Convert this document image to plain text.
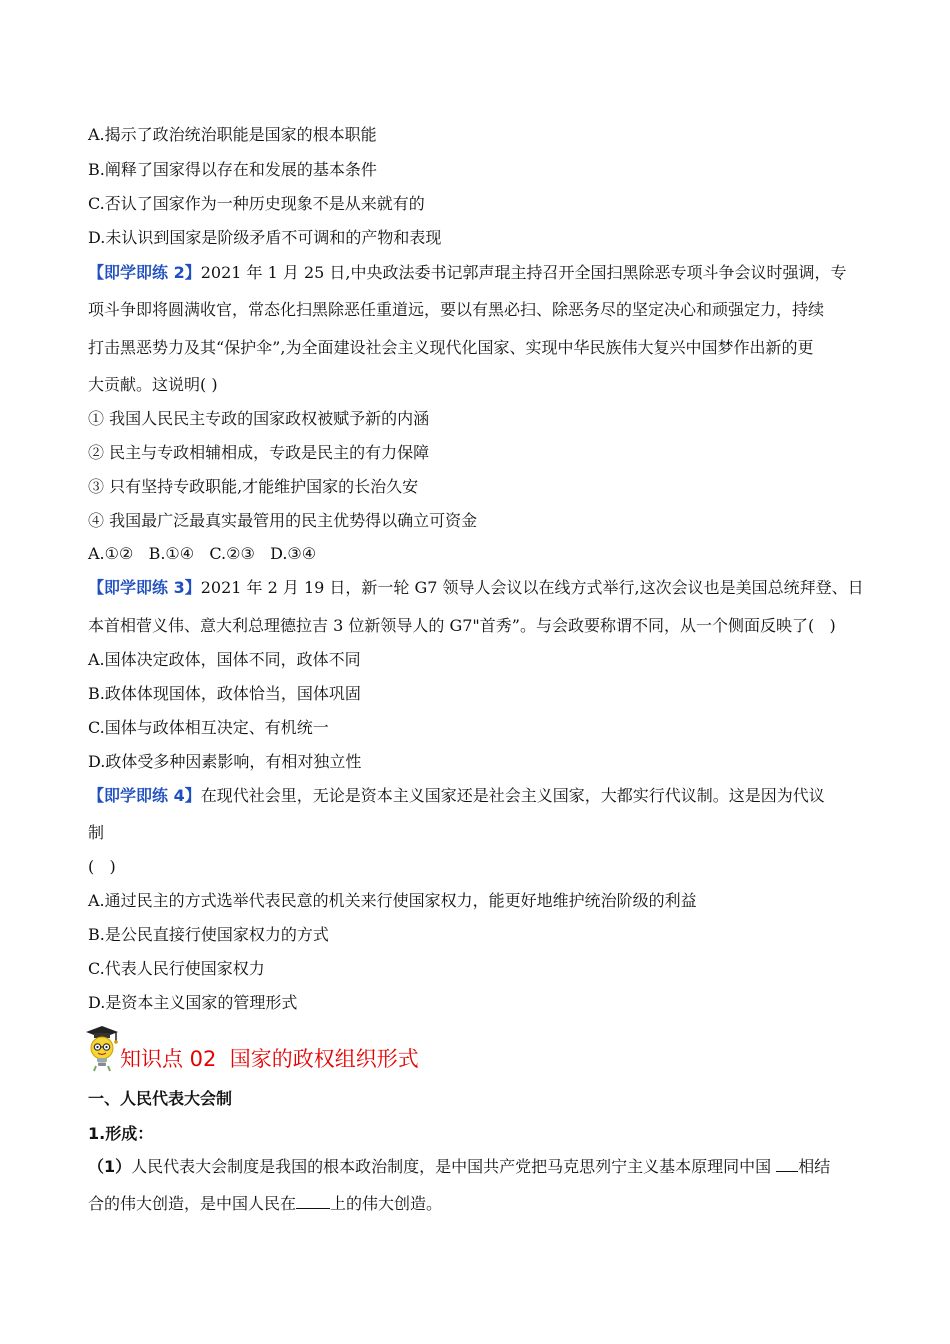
A.揭示了政治统治职能是国家的根本职能
B.阐释了国家得以存在和发展的基本条件
C.否认了国家作为一种历史现象不是从来就有的
D.未认识到国家是阶级矛盾不可调和的产物和表现
【即学即练 2】2021 年 1 月 25 日,中央政法委书记郭声琨主持召开全国扫黑除恶专项斗争会议时强调，专
项斗争即将圆满收官，常态化扫黑除恶任重道远，要以有黑必扫、除恶务尽的坚定决心和顽强定力，持续
打击黑恶势力及其“保护伞”,为全面建设社会主义现代化国家、实现中华民族伟大复兴中国梦作出新的更
大贡献。这说明( )
① 我国人民民主专政的国家政权被赋予新的内涵
② 民主与专政相辅相成，专政是民主的有力保障
③ 只有坚持专政职能,才能维护国家的长治久安
④ 我国最广泛最真实最管用的民主优势得以确立可资金
A.①②   B.①④   C.②③   D.③④
【即学即练 3】2021 年 2 月 19 日，新一轮 G7 领导人会议以在线方式举行,这次会议也是美国总统拜登、日
本首相菅义伟、意大利总理德拉吉 3 位新领导人的 G7"首秀”。与会政要称谓不同，从一个侧面反映了(   )
A.国体决定政体，国体不同，政体不同
B.政体体现国体，政体恰当，国体巩固
C.国体与政体相互决定、有机统一
D.政体受多种因素影响，有相对独立性
【即学即练 4】在现代社会里，无论是资本主义国家还是社会主义国家，大都实行代议制。这是因为代议
制
(   )
A.通过民主的方式选举代表民意的机关来行使国家权力，能更好地维护统治阶级的利益
B.是公民直接行使国家权力的方式
C.代表人民行使国家权力
D.是资本主义国家的管理形式
知识点 02  国家的政权组织形式
一、人民代表大会制
1.形成：
（1）人民代表大会制度是我国的根本政治制度，是中国共产党把马克思列宁主义基本原理同中国 相结
合的伟大创造，是中国人民在 上的伟大创造。
